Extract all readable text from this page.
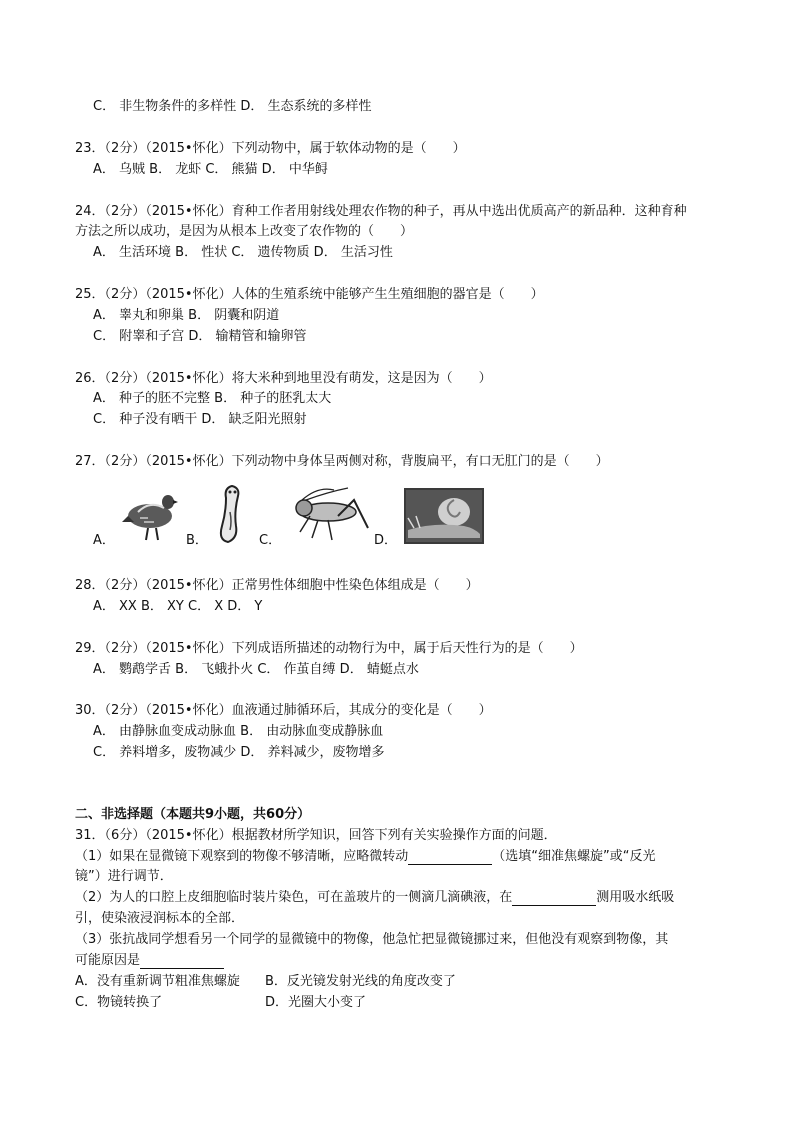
C． 非生物条件的多样性 D． 生态系统的多样性
23．（2分）（2015•怀化）下列动物中，属于软体动物的是（　　）
A． 乌贼 B． 龙虾 C． 熊猫 D． 中华鲟
24．（2分）（2015•怀化）育种工作者用射线处理农作物的种子，再从中选出优质高产的新品种．这种育种
方法之所以成功，是因为从根本上改变了农作物的（　　）
A． 生活环境 B． 性状 C． 遗传物质 D． 生活习性
25．（2分）（2015•怀化）人体的生殖系统中能够产生生殖细胞的器官是（　　）
A． 睾丸和卵巢 B． 阴囊和阴道
C． 附睾和子宫 D． 输精管和输卵管
26．（2分）（2015•怀化）将大米种到地里没有萌发，这是因为（　　）
A． 种子的胚不完整 B． 种子的胚乳太大
C． 种子没有晒干 D． 缺乏阳光照射
27．（2分）（2015•怀化）下列动物中身体呈两侧对称，背腹扁平，有口无肛门的是（　　）
A．	B．	C．	D．
28．（2分）（2015•怀化）正常男性体细胞中性染色体组成是（　　）
A． XX B． XY C． X D． Y
29．（2分）（2015•怀化）下列成语所描述的动物行为中，属于后天性行为的是（　　）
A． 鹦鹉学舌 B． 飞蛾扑火 C． 作茧自缚 D． 蜻蜓点水
30．（2分）（2015•怀化）血液通过肺循环后，其成分的变化是（　　）
A． 由静脉血变成动脉血 B． 由动脉血变成静脉血
C． 养料增多，废物减少 D． 养料减少，废物增多
二、非选择题（本题共9小题，共60分）
31．（6分）（2015•怀化）根据教材所学知识，回答下列有关实验操作方面的问题．
（1）如果在显微镜下观察到的物像不够清晰，应略微转动	（选填“细准焦螺旋”或“反光
镜”）进行调节．
（2）为人的口腔上皮细胞临时装片染色，可在盖玻片的一侧滴几滴碘液，在	测用吸水纸吸
引，使染液浸润标本的全部．
（3）张抗战同学想看另一个同学的显微镜中的物像，他急忙把显微镜挪过来，但他没有观察到物像，其
可能原因是
A．没有重新调节粗准焦螺旋 B．反光镜发射光线的角度改变了
C．物镜转换了	D．光圈大小变了
